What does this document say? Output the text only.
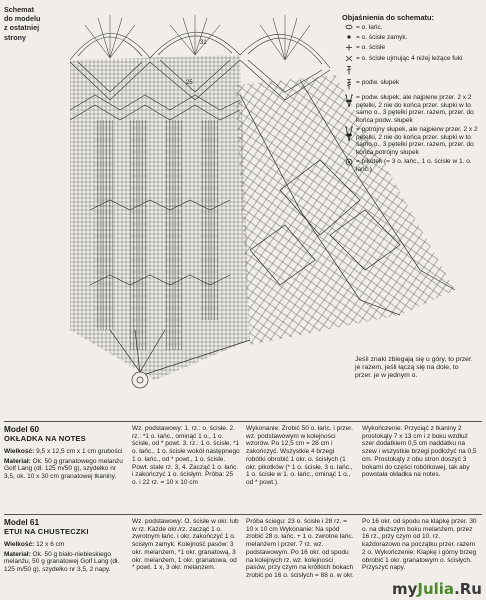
31
25
Schemat
do modelu
z ostatniej
strony
Objaśnienia do schematu:
= o. łańc.
= o. ścisłe zamyk.
= o. ścisłe
= o. ścisłe ujmując 4 niżej leżące fuki
= podw. słupek
= podw. słupek, ale najpierw przer. 2 x 2 pętelki, 2 nie do końca przer. słupki w to samo o., 3 pętelki przer. razem, przer. do końca podw. słupek
= potrójny słupek, ale najpierw przer. 2 x 2 pętelki, 2 nie do końca przer. słupki w to samo o., 3 pętelki przer. razem, przer. do końca potrójny słupek
= pikotek (= 3 o. łańc., 1 o. ścisłe w 1. o. łańc.)
Jeśli znaki zbiegają się u góry, to przer. je razem, jeśli łączą się na dole, to przer. je w jednym o.
Model 60
OKŁADKA NA NOTES
Wielkość: 9,5 x 12,5 cm x 1 cm grubości
Materiał: Ok. 50 g granatowego melanżu Golf Lang (dł. 125 m/50 g), szydełko nr 3,5, ok. 10 x 30 cm granatowej tkaniny.
Wz. podstawowy: 1. rz.: o. ścisłe. 2. rz.: *1 o. łańc., ominąć 1 o., 1 o. ścisłe, od * powt. 3. rz.: 1 o. ścisłe, *1 o. łańc., 1 o. ścisłe wokół następnego 1 o. łańc., od * powt., 1 o. ścisłe. Powt. stale rz. 3, 4. Zacząć 1 o. łańc. i zakończyć 1 o. ścisłym. Próba: 25 o. i 22 rz. = 10 x 10 cm
Wykonanie: Zrobić 50 o. łańc. i przer. wz. podstawowym w kolejności wzorów. Po 12,5 cm = 28 cm i zakończyć. Wszystkie 4 brzegi robótki obrobić 1 okr. o. ścisłych (1 okr. pikotków (* 1 o. ścisłe, 3 o. łańc., 1 o. ścisłe w 1. o. łańc., ominąć 1 o., od * powt.).
Wykończenie: Przyciąć z tkaniny 2 prostokąty 7 x 13 cm i z boku wzdłuż szer dodatkiem 0,5 cm naddatku na szew i wszystkie brzegi podłożyć na 0,5 cm. Prostokąty z obu stron doszyć 3 bokami do części robótkowej, tak aby powstała okładka na notes.
Model 61
ETUI NA CHUSTECZKI
Wielkość: 12 x 6 cm
Materiał: Ok. 50 g biało-niebieskiego melanżu, 50 g granatowej Golf Lang (dł. 125 m/50 g), szydełko nr 3,5, 2 napy.
Wz. podstawowy: O. ścisłe w okr. lub w rz. Każde okr./rz. zacząć 1 o. zwrotnym łańc. i okr. zakończyć 1 o. ścisłym zamyk. Kolejność pasów: 3 okr. melanżem, *1 okr. granatową, 3 okr. melanżem, 1 okr. granatowa, od * powt. 1 x, 3 okr. melanżem.
Próba ściegu: 23 o. ścisłe i 28 rz. = 10 x 10 cm Wykonanie: Na spód zrobić 28 o. łańc. + 1 o. zwrotne łańc. melanżem i przer. 7 rz. wz. podstawowym. Po 16 okr. od spodu na kolejnych rz. wz. kolejności pasów, przy czym na krótkich bokach zrobić po 16 o. ścisłych = 88 o. w okr.
Po 16 okr. od spodu na klapkę przer. 30 o. na dłuższym boku melanżem, przez 16 rz., przy czym od 10. rz. każdorazowo na początku przer. razem 2 o. Wykończenie: Klapkę i górny brzeg obrobić 1 okr. granatowym o. ścisłych. Przyszyć napy.
myJulia.Ru
